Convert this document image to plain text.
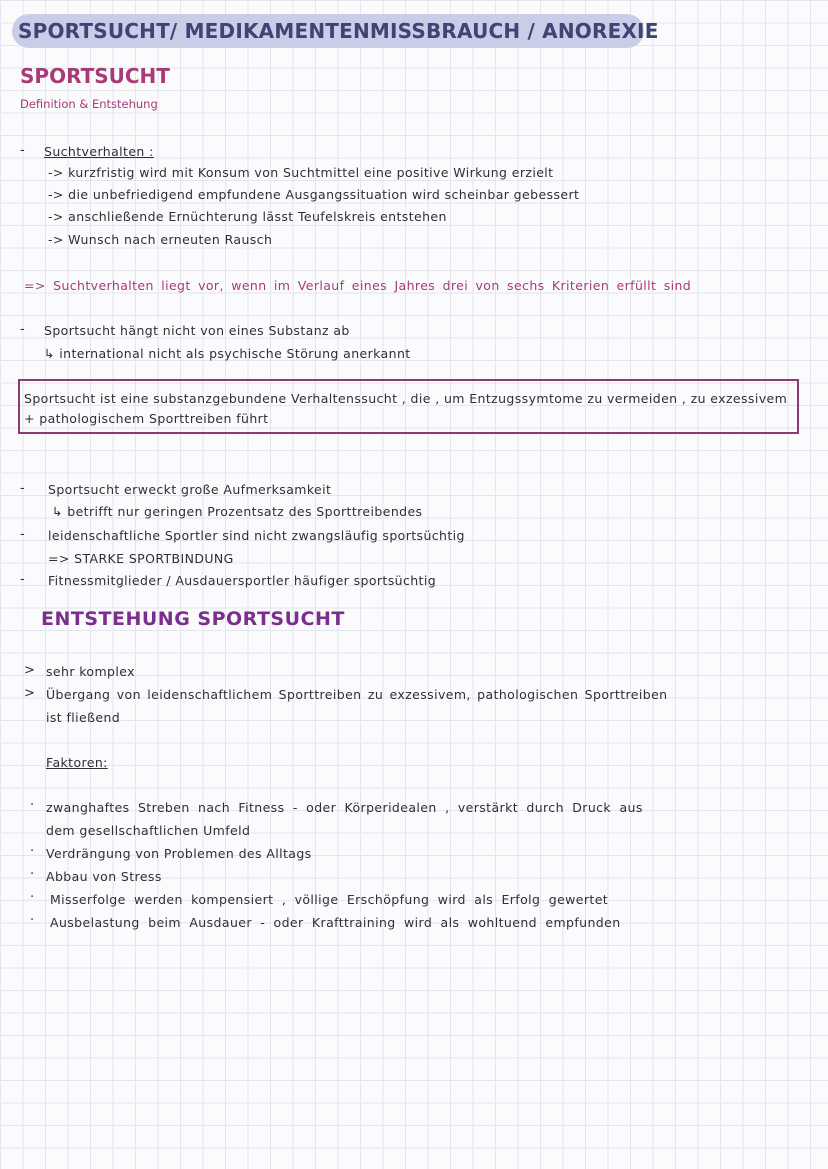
SPORTSUCHT/ MEDIKAMENTENMISSBRAUCH / ANOREXIE
SPORTSUCHT
Definition & Entstehung
- Suchtverhalten :
-> kurzfristig wird mit Konsum von Suchtmittel eine positive Wirkung erzielt
-> die unbefriedigend empfundene Ausgangssituation wird scheinbar gebessert
-> anschließende Ernüchterung lässt Teufelskreis entstehen
-> Wunsch nach erneuten Rausch
=> Suchtverhalten liegt vor, wenn im Verlauf eines Jahres drei von sechs Kriterien erfüllt sind
- Sportsucht hängt nicht von eines Substanz ab
↳ international nicht als psychische Störung anerkannt
Sportsucht ist eine substanzgebundene Verhaltenssucht , die , um Entzugssymtome zu vermeiden , zu exzessivem + pathologischem Sporttreiben führt
- Sportsucht erweckt große Aufmerksamkeit
↳ betrifft nur geringen Prozentsatz des Sporttreibendes
- leidenschaftliche Sportler sind nicht zwangsläufig sportsüchtig
=> STARKE SPORTBINDUNG
- Fitnessmitglieder / Ausdauersportler häufiger sportsüchtig
ENTSTEHUNG SPORTSUCHT
> sehr komplex
> Übergang von leidenschaftlichem Sporttreiben zu exzessivem, pathologischen Sporttreiben
ist fließend
Faktoren:
· zwanghaftes Streben nach Fitness - oder Körperidealen , verstärkt durch Druck aus
dem gesellschaftlichen Umfeld
· Verdrängung von Problemen des Alltags
· Abbau von Stress
· Misserfolge werden kompensiert , völlige Erschöpfung wird als Erfolg gewertet
· Ausbelastung beim Ausdauer - oder Krafttraining wird als wohltuend empfunden
